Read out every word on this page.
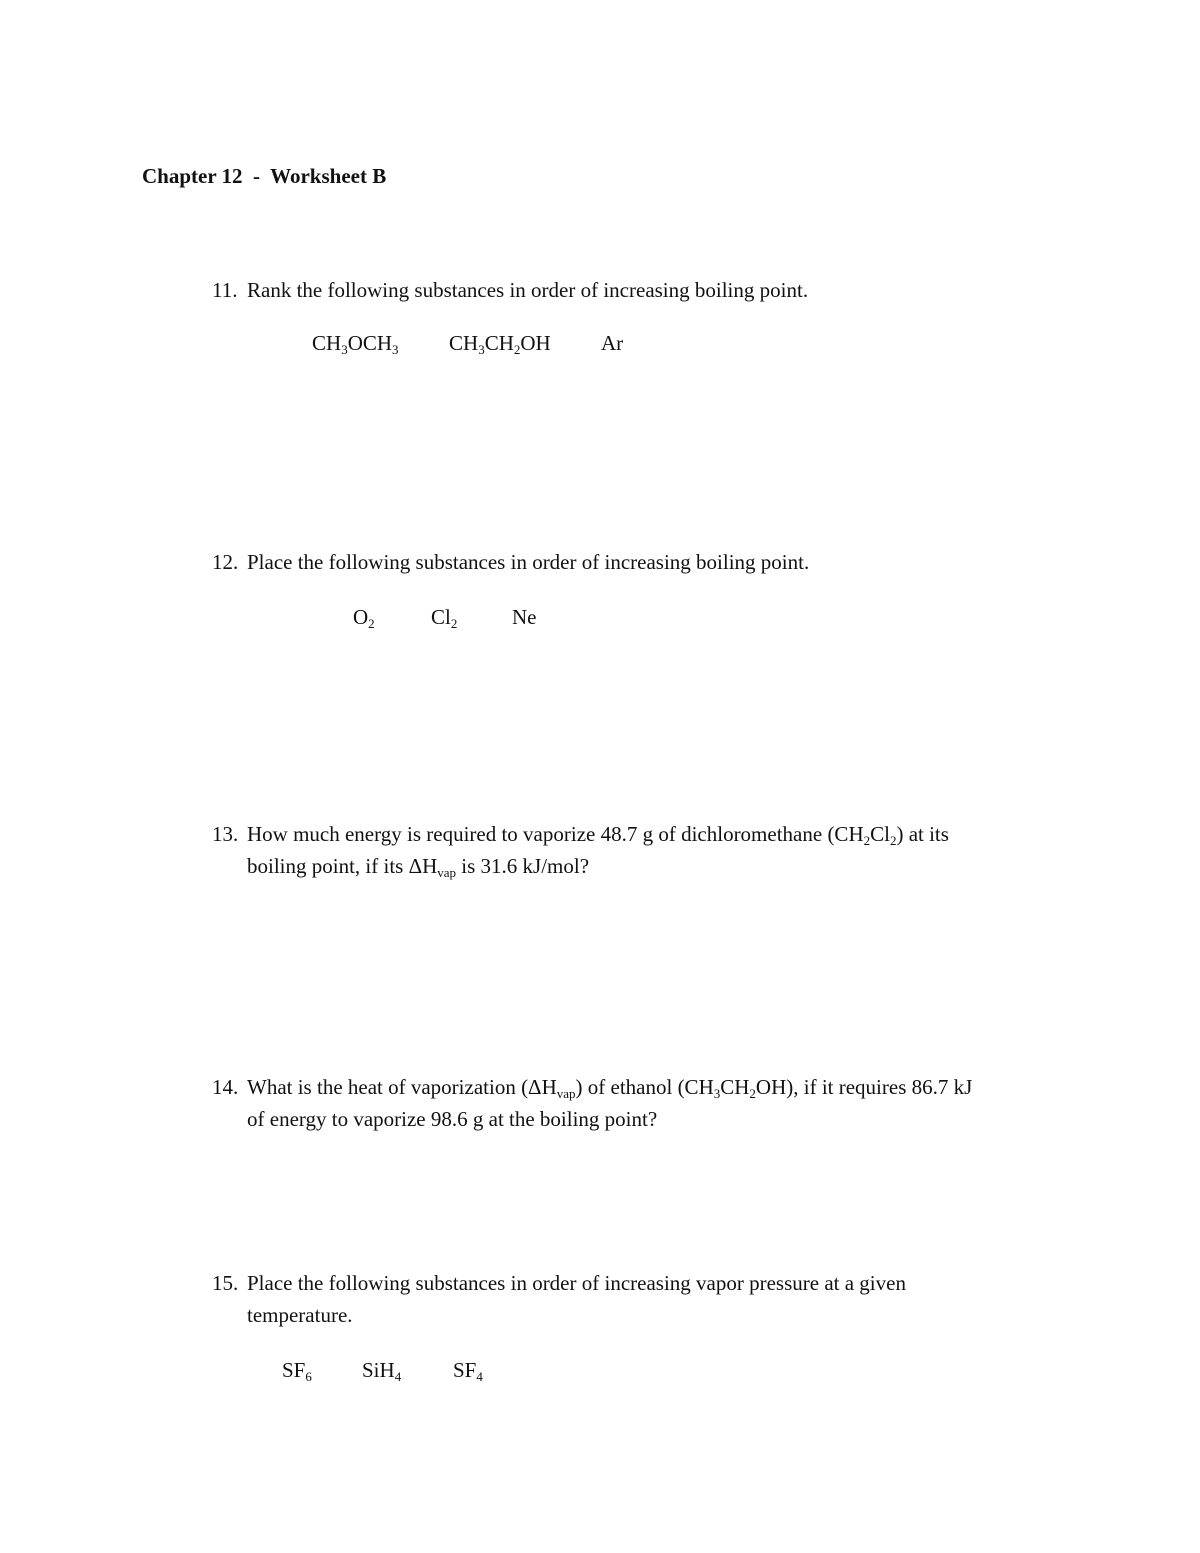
Chapter 12  -  Worksheet B
11. Rank the following substances in order of increasing boiling point.
$CH_3OCH_3$ $CH_3CH_2OH$ Ar
12. Place the following substances in order of increasing boiling point.
$O_2$	$Cl_2$	Ne
13. How much energy is required to vaporize 48.7 g of dichloromethane $(CH_2Cl_2)$ at its
boiling point, if its $\Delta H_{vap}$ is 31.6 kJ/mol?
14. What is the heat of vaporization $(\Delta H_{vap})$ of ethanol $(CH_3CH_2OH)$, if it requires 86.7 kJ
of energy to vaporize 98.6 g at the boiling point?
15. Place the following substances in order of increasing vapor pressure at a given
temperature.
$SF_6$ SiH$_4$ $SF_4$
